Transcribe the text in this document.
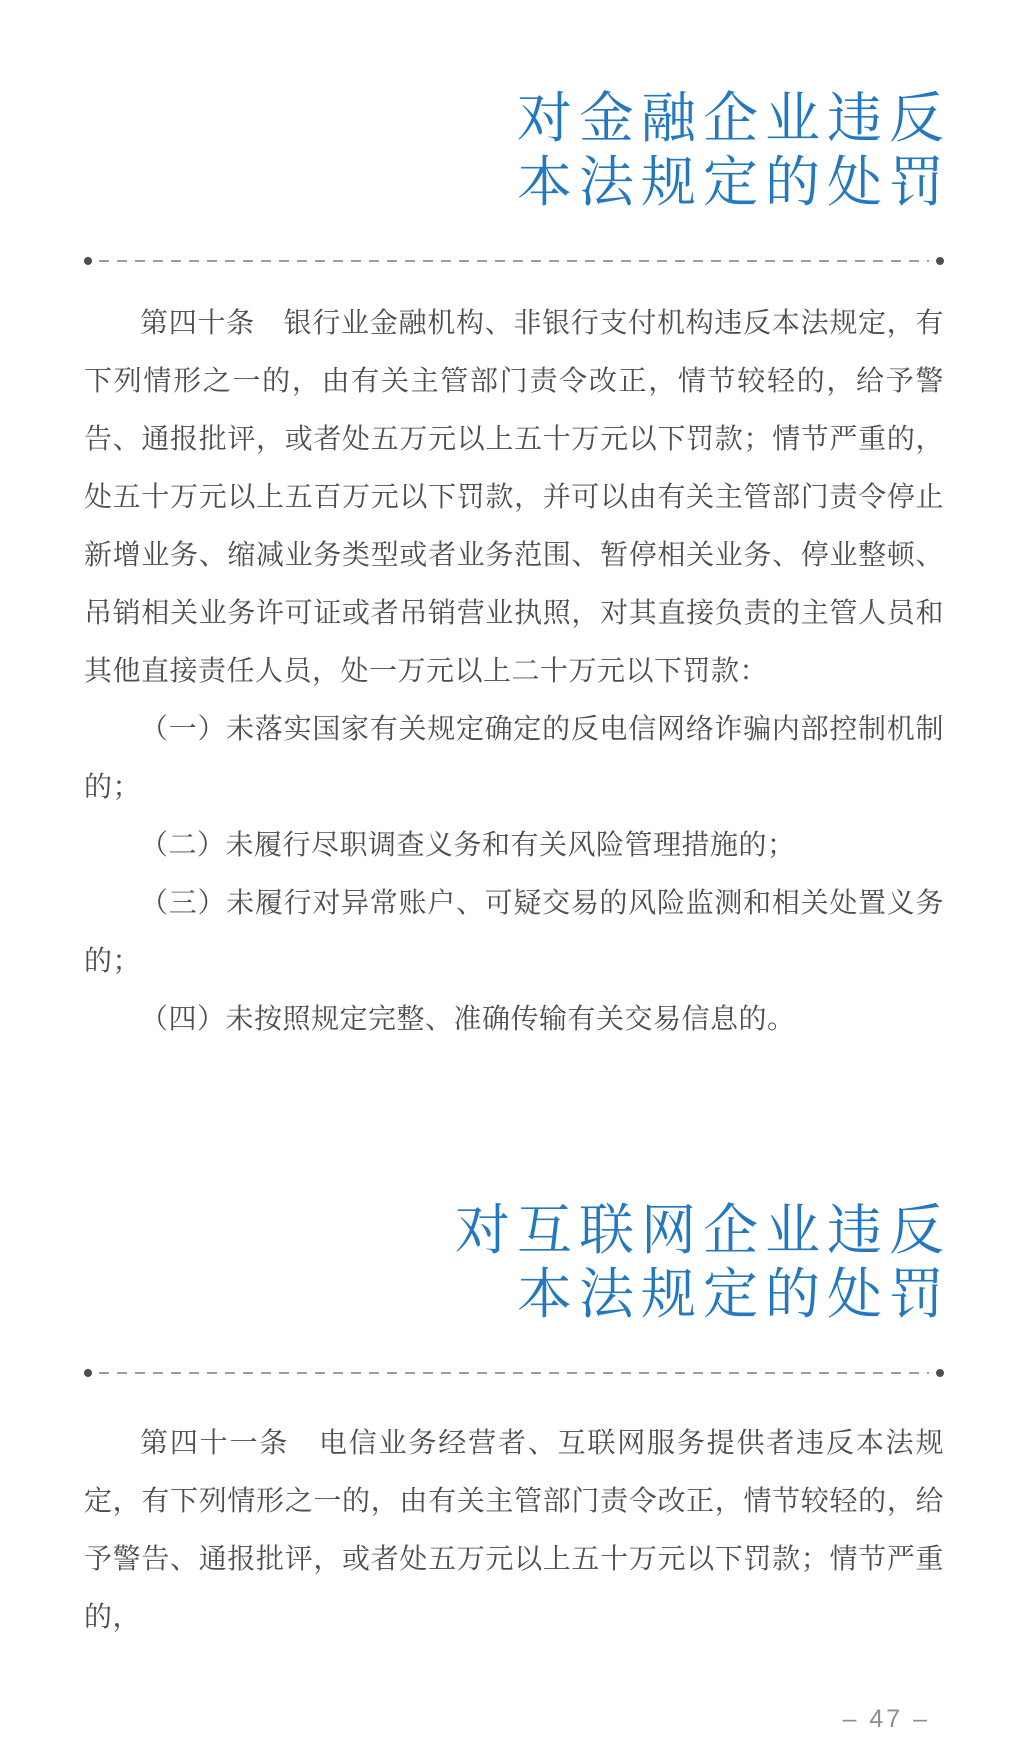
对金融企业违反
本法规定的处罚

第四十条　银行业金融机构、非银行支付机构违反本法规定，有下列情形之一的，由有关主管部门责令改正，情节较轻的，给予警告、通报批评，或者处五万元以上五十万元以下罚款；情节严重的，处五十万元以上五百万元以下罚款，并可以由有关主管部门责令停止新增业务、缩减业务类型或者业务范围、暂停相关业务、停业整顿、吊销相关业务许可证或者吊销营业执照，对其直接负责的主管人员和其他直接责任人员，处一万元以上二十万元以下罚款：

（一）未落实国家有关规定确定的反电信网络诈骗内部控制机制的；

（二）未履行尽职调查义务和有关风险管理措施的；

（三）未履行对异常账户、可疑交易的风险监测和相关处置义务的；

（四）未按照规定完整、准确传输有关交易信息的。

对互联网企业违反
本法规定的处罚

第四十一条　电信业务经营者、互联网服务提供者违反本法规定，有下列情形之一的，由有关主管部门责令改正，情节较轻的，给予警告、通报批评，或者处五万元以上五十万元以下罚款；情节严重的，

– 47 –
